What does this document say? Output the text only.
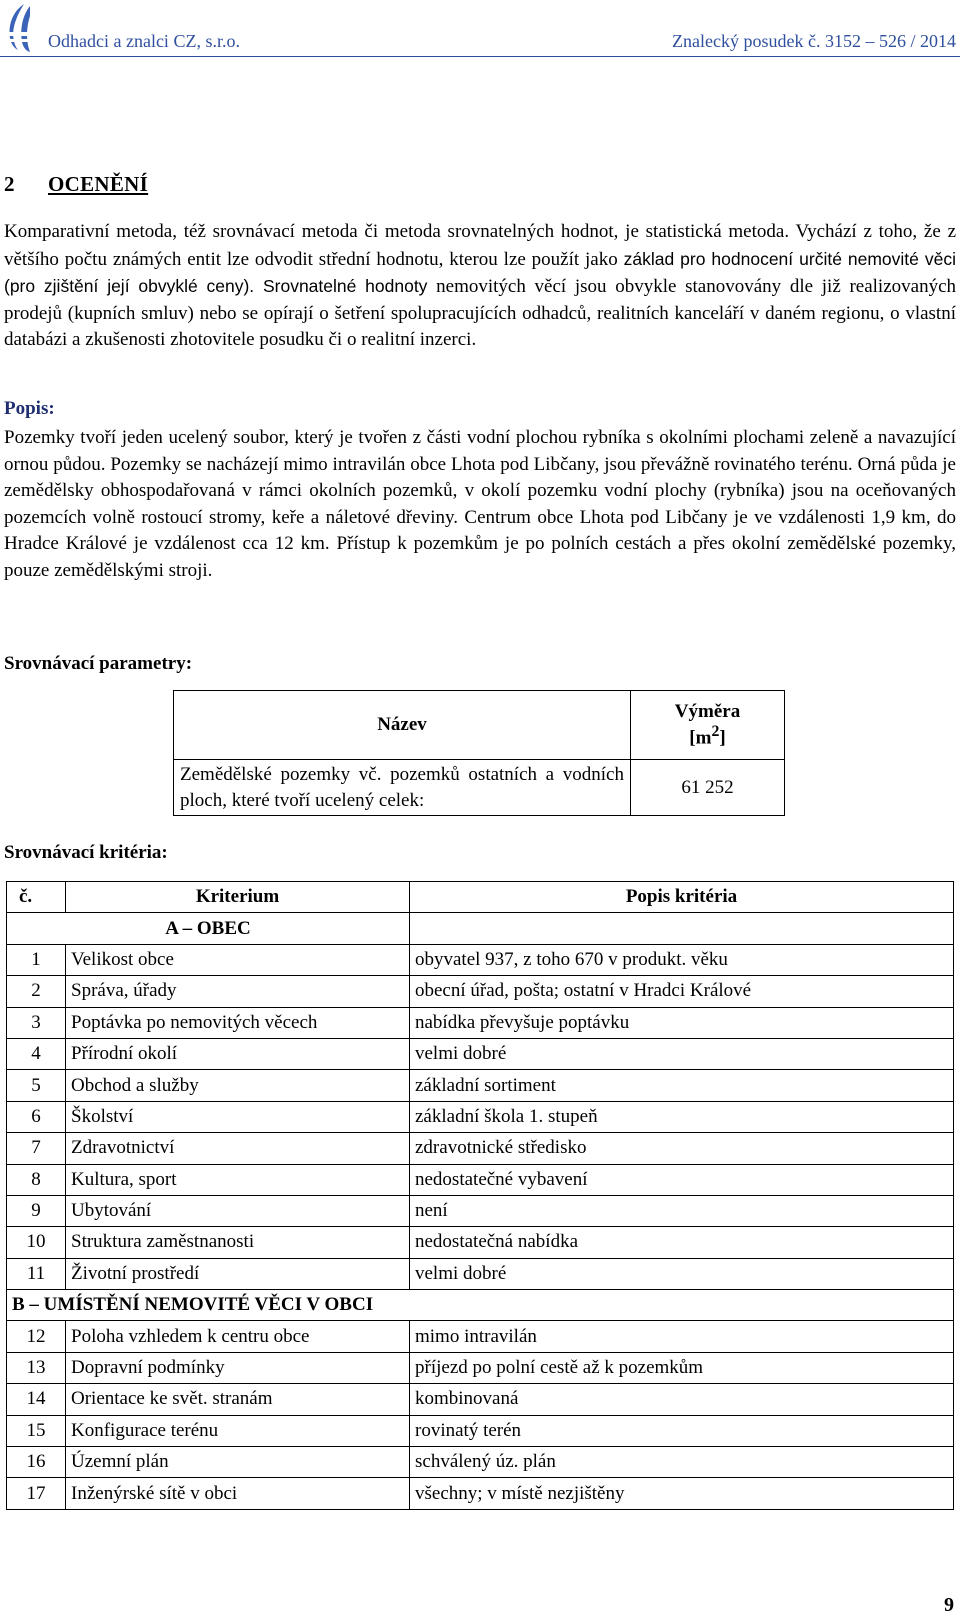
Odhadci a znalci CZ, s.r.o.	Znalecký posudek č. 3152 – 526 / 2014
2 OCENĚNÍ
Komparativní metoda, též srovnávací metoda či metoda srovnatelných hodnot, je statistická metoda. Vychází z toho, že z většího počtu známých entit lze odvodit střední hodnotu, kterou lze použít jako základ pro hodnocení určité nemovité věci (pro zjištění její obvyklé ceny). Srovnatelné hodnoty nemovitých věcí jsou obvykle stanovovány dle již realizovaných prodejů (kupních smluv) nebo se opírají o šetření spolupracujících odhadců, realitních kanceláří v daném regionu, o vlastní databázi a zkušenosti zhotovitele posudku či o realitní inzerci.
Popis:
Pozemky tvoří jeden ucelený soubor, který je tvořen z části vodní plochou rybníka s okolními plochami zeleně a navazující ornou půdou. Pozemky se nacházejí mimo intravilán obce Lhota pod Libčany, jsou převážně rovinatého terénu. Orná půda je zemědělsky obhospodařovaná v rámci okolních pozemků, v okolí pozemku vodní plochy (rybníka) jsou na oceňovaných pozemcích volně rostoucí stromy, keře a náletové dřeviny. Centrum obce Lhota pod Libčany je ve vzdálenosti 1,9 km, do Hradce Králové je vzdálenost cca 12 km. Přístup k pozemkům je po polních cestách a přes okolní zemědělské pozemky, pouze zemědělskými stroji.
Srovnávací parametry:
Název	Výměra
$[m^2]$
Zemědělské pozemky vč. pozemků ostatních a vodních ploch, které tvoří ucelený celek:	61 252
Srovnávací kritéria:
č.	Kriterium	Popis kritéria
A – OBEC		
1	Velikost obce	obyvatel 937, z toho 670 v produkt. věku
2	Správa, úřady	obecní úřad, pošta; ostatní v Hradci Králové
3	Poptávka po nemovitých věcech	nabídka převyšuje poptávku
4	Přírodní okolí	velmi dobré
5	Obchod a služby	základní sortiment
6	Školství	základní škola 1. stupeň
7	Zdravotnictví	zdravotnické středisko
8	Kultura, sport	nedostatečné vybavení
9	Ubytování	není
10	Struktura zaměstnanosti	nedostatečná nabídka
11	Životní prostředí	velmi dobré
B – UMÍSTĚNÍ NEMOVITÉ VĚCI V OBCI		
12	Poloha vzhledem k centru obce	mimo intravilán
13	Dopravní podmínky	příjezd po polní cestě až k pozemkům
14	Orientace ke svět. stranám	kombinovaná
15	Konfigurace terénu	rovinatý terén
16	Územní plán	schválený úz. plán
17	Inženýrské sítě v obci	všechny; v místě nezjištěny
9
